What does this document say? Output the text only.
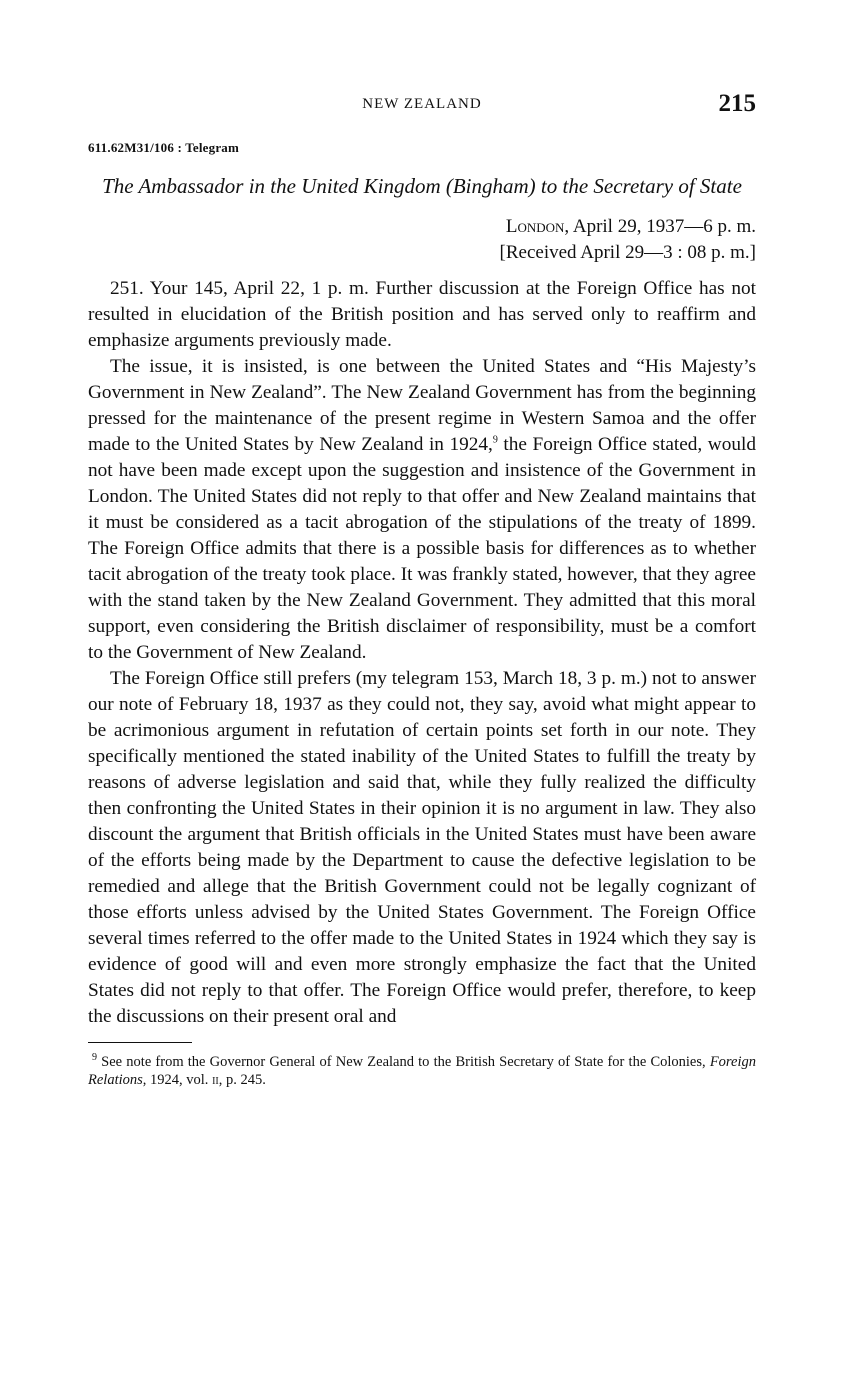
NEW ZEALAND	215
611.62M31/106 : Telegram
The Ambassador in the United Kingdom (Bingham) to the Secretary of State
London, April 29, 1937—6 p. m.
[Received April 29—3 : 08 p. m.]

251. Your 145, April 22, 1 p. m. Further discussion at the Foreign Office has not resulted in elucidation of the British position and has served only to reaffirm and emphasize arguments previously made.

The issue, it is insisted, is one between the United States and “His Majesty’s Government in New Zealand”. The New Zealand Government has from the beginning pressed for the maintenance of the present regime in Western Samoa and the offer made to the United States by New Zealand in 1924,$^9$ the Foreign Office stated, would not have been made except upon the suggestion and insistence of the Government in London. The United States did not reply to that offer and New Zealand maintains that it must be considered as a tacit abrogation of the stipulations of the treaty of 1899. The Foreign Office admits that there is a possible basis for differences as to whether tacit abrogation of the treaty took place. It was frankly stated, however, that they agree with the stand taken by the New Zealand Government. They admitted that this moral support, even considering the British disclaimer of responsibility, must be a comfort to the Government of New Zealand.

The Foreign Office still prefers (my telegram 153, March 18, 3 p. m.) not to answer our note of February 18, 1937 as they could not, they say, avoid what might appear to be acrimonious argument in refutation of certain points set forth in our note. They specifically mentioned the stated inability of the United States to fulfill the treaty by reasons of adverse legislation and said that, while they fully realized the difficulty then confronting the United States in their opinion it is no argument in law. They also discount the argument that British officials in the United States must have been aware of the efforts being made by the Department to cause the defective legislation to be remedied and allege that the British Government could not be legally cognizant of those efforts unless advised by the United States Government. The Foreign Office several times referred to the offer made to the United States in 1924 which they say is evidence of good will and even more strongly emphasize the fact that the United States did not reply to that offer. The Foreign Office would prefer, therefore, to keep the discussions on their present oral and

$^9$ See note from the Governor General of New Zealand to the British Secretary of State for the Colonies, Foreign Relations, 1924, vol. ii, p. 245.
